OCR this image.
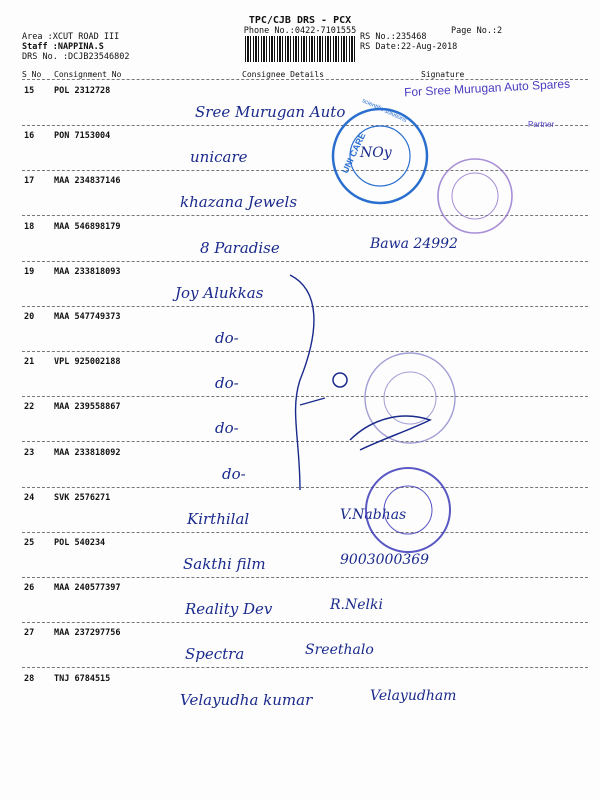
TPC/CJB DRS - PCX
Phone No.:0422-7101555	Page No.:2
Area :XCUT ROAD III
Staff :NAPPINA.S
DRS No. :DCJB23546802
RS No.:235468
RS Date:22-Aug-2018
S No Consignment No	Consignee Details	Signature
15 POL 2312728
Sree Murugan Auto
16 PON 7153004
unicare	NOy
17 MAA 234837146
khazana Jewels
18 MAA 546898179
8 Paradise	Bawa 24992
19 MAA 233818093
Joy Alukkas
20 MAA 547749373
do-
21 VPL 925002188
do-
22 MAA 239558867
do-
23 MAA 233818092
do-
24 SVK 2576271
Kirthilal	V.Nabhas
25 POL 540234
Sakthi film	9003000369
26 MAA 240577397
Reality Dev	R.Nelki
27 MAA 237297756
Spectra	Sreethalo
28 TNJ 6784515
Velayudha kumar	Velayudham
For Sree Murugan Auto Spares
Partner
UNI CARE
scientific solutions
